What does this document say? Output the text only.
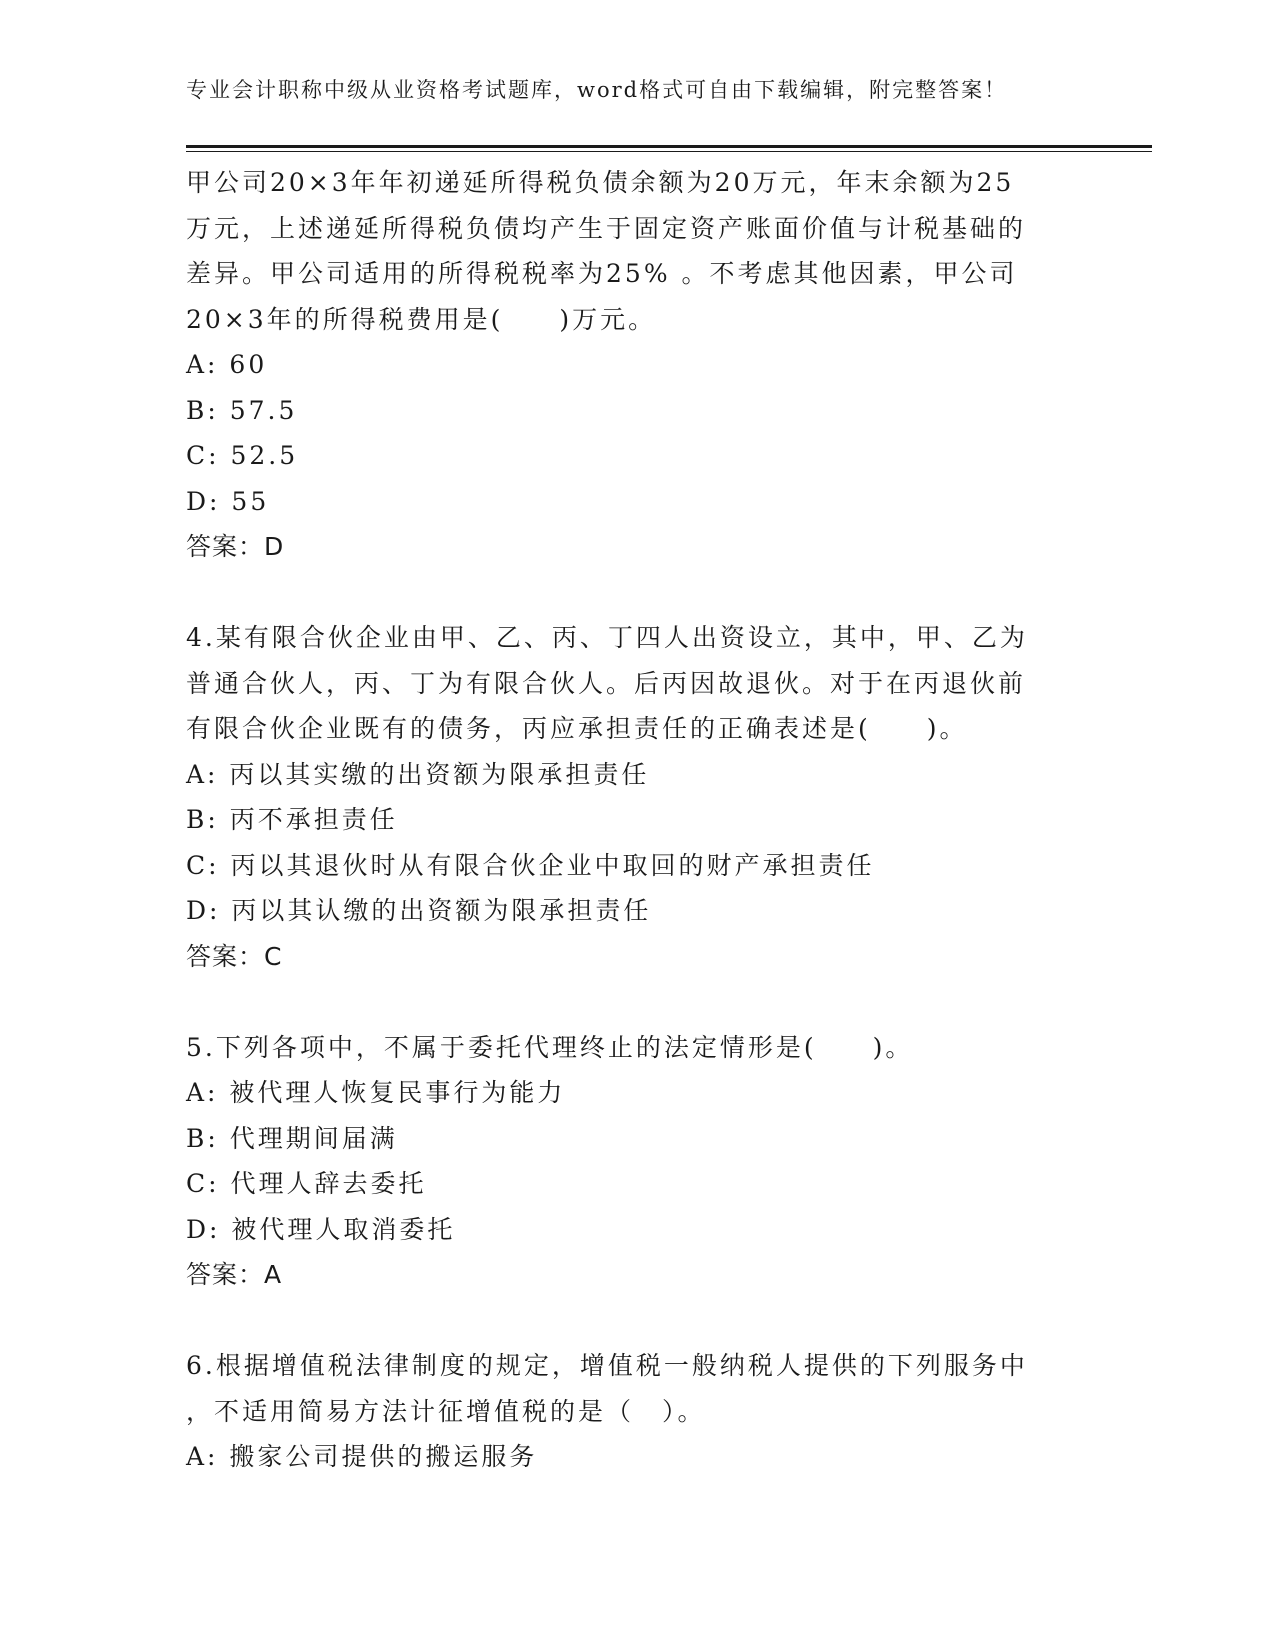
专业会计职称中级从业资格考试题库，word格式可自由下载编辑，附完整答案！
甲公司20×3年年初递延所得税负债余额为20万元，年末余额为25
万元，上述递延所得税负债均产生于固定资产账面价值与计税基础的
差异。甲公司适用的所得税税率为25% 。不考虑其他因素，甲公司
20×3年的所得税费用是(　　)万元。
A: 60
B: 57.5
C: 52.5
D: 55
答案：D
4.某有限合伙企业由甲、乙、丙、丁四人出资设立，其中，甲、乙为
普通合伙人，丙、丁为有限合伙人。后丙因故退伙。对于在丙退伙前
有限合伙企业既有的债务，丙应承担责任的正确表述是(　　)。
A: 丙以其实缴的出资额为限承担责任
B: 丙不承担责任
C: 丙以其退伙时从有限合伙企业中取回的财产承担责任
D: 丙以其认缴的出资额为限承担责任
答案：C
5.下列各项中，不属于委托代理终止的法定情形是(　　)。
A: 被代理人恢复民事行为能力
B: 代理期间届满
C: 代理人辞去委托
D: 被代理人取消委托
答案：A
6.根据增值税法律制度的规定，增值税一般纳税人提供的下列服务中
，不适用简易方法计征增值税的是（　）。
A: 搬家公司提供的搬运服务
